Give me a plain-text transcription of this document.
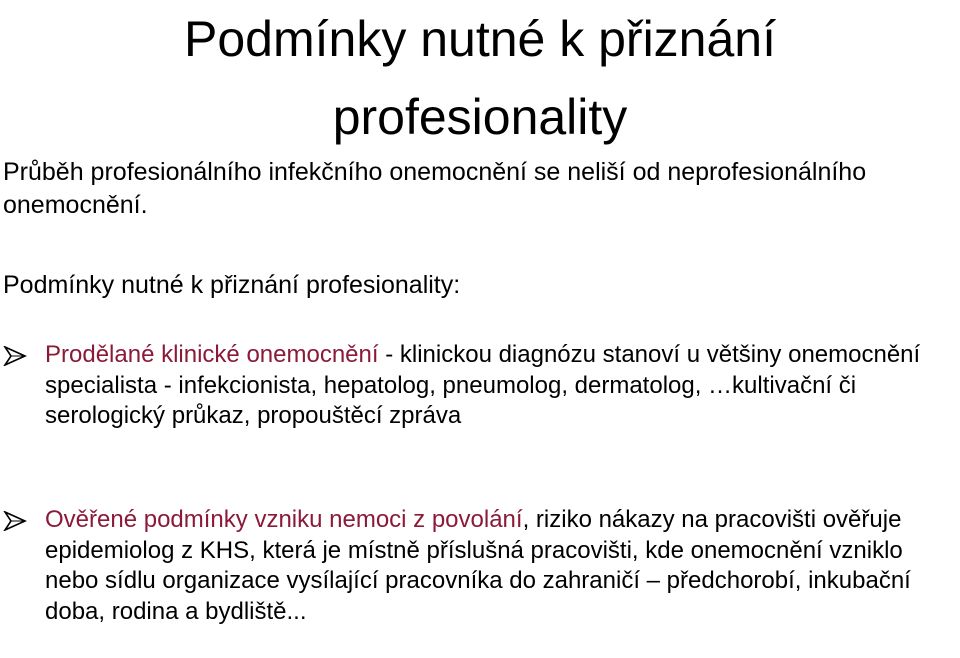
Podmínky nutné k přiznání
profesionality

Průběh profesionálního infekčního onemocnění se neliší od neprofesionálního onemocnění.

Podmínky nutné k přiznání profesionality:

Prodělané klinické onemocnění - klinickou diagnózu stanoví u většiny onemocnění specialista - infekcionista, hepatolog, pneumolog, dermatolog, …kultivační či serologický průkaz, propouštěcí zpráva
Ověřené podmínky vzniku nemoci z povolání, riziko nákazy na pracovišti ověřuje epidemiolog z KHS, která je místně příslušná pracovišti, kde onemocnění vzniklo nebo sídlu organizace vysílající pracovníka do zahraničí – předchorobí, inkubační doba, rodina a bydliště...
